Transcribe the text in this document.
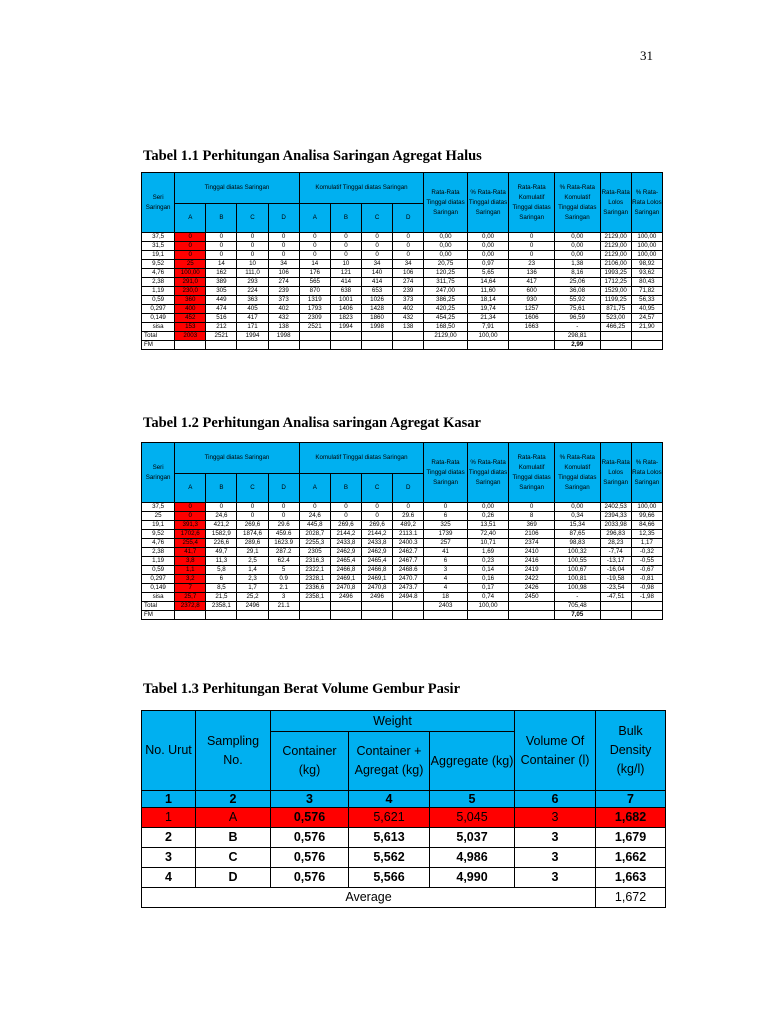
31
Tabel 1.1 Perhitungan Analisa Saringan Agregat Halus
Seri Saringan	Tinggal diatas Saringan				Komulatif Tinggal diatas Saringan				Rata-Rata Tinggal diatas Saringan	% Rata-Rata Tinggal diatas Saringan	Rata-Rata Komulatif Tinggal diatas Saringan	% Rata-Rata Komulatif Tinggal diatas Saringan	Rata-Rata Lolos Saringan	% Rata-Rata Lolos Saringan
	A	B	C	D	A	B	C	D						
37,5	0	0	0	0	0	0	0	0	0,00	0,00	0	0,00	2129,00	100,00
31,5	0	0	0	0	0	0	0	0	0,00	0,00	0	0,00	2129,00	100,00
19,1	0	0	0	0	0	0	0	0	0,00	0,00	0	0,00	2129,00	100,00
9,52	25	14	10	34	14	10	34	34	20,75	0,97	23	1,38	2106,00	98,92
4,76	100,00	162	111,0	106	176	121	140	106	120,25	5,65	136	8,16	1993,25	93,62
2,38	291,0	389	293	274	565	414	414	274	311,75	14,64	417	25,06	1712,25	80,43
1,19	230,0	305	224	239	870	638	653	239	247,00	11,60	600	36,08	1529,00	71,82
0,59	360	449	363	373	1319	1001	1026	373	386,25	18,14	930	55,92	1199,25	56,33
0,297	400	474	405	402	1793	1406	1428	402	420,25	19,74	1257	75,61	871,75	40,95
0,149	452	516	417	432	2309	1823	1860	432	454,25	21,34	1606	96,59	523,00	24,57
sisa	153	212	171	138	2521	1994	1998	138	168,50	7,91	1663	-	466,25	21,90
Total	2003	2521	1994	1998					2129,00	100,00		298,81		
FM												2,99		
Tabel 1.2 Perhitungan Analisa saringan Agregat Kasar
Seri Saringan	Tinggal diatas Saringan				Komulatif Tinggal diatas Saringan				Rata-Rata Tinggal diatas Saringan	% Rata-Rata Tinggal diatas Saringan	Rata-Rata Komulatif Tinggal diatas Saringan	% Rata-Rata Komulatif Tinggal diatas Saringan	Rata-Rata Lolos Saringan	% Rata-Rata Lolos Saringan
	A	B	C	D	A	B	C	D						
37,5	0	0	0	0	0	0	0	0	0	0,00	0	0,00	2402,53	100,00
25	0	24,6	0	0	24,6	0	0	29.6	6	0,26	8	0,34	2394,33	99,66
19,1	391,3	421,2	269,6	29.6	445,8	269,6	269,6	489,2	325	13,51	369	15,34	2033,98	84,66
9,52	1702,6	1582,9	1874,6	459.6	2028,7	2144,2	2144,2	2113.1	1739	72,40	2106	87,65	296,83	12,35
4,76	255,4	226,6	289,6	1623.9	2255,3	2433,8	2433,8	2400.3	257	10,71	2374	98,83	28,23	1,17
2,38	41,7	49,7	29,1	287.2	2305	2462,9	2462,9	2462.7	41	1,69	2410	100,32	-7,74	-0,32
1,19	3,8	11,3	2,5	62.4	2316,3	2465,4	2465,4	2467.7	6	0,23	2416	100,55	-13,17	-0,55
0,59	1,1	5,8	1,4	5	2322,1	2466,8	2466,8	2468.6	3	0,14	2419	100,67	-16,04	-0,67
0,297	3,2	6	2,3	0.9	2328,1	2469,1	2469,1	2470.7	4	0,16	2422	100,81	-19,58	-0,81
0,149	7	8,5	1,7	2.1	2336,6	2470,8	2470,8	2473.7	4	0,17	2426	100,98	-23,54	-0,98
sisa	25,7	21,5	25,2	3	2358,1	2496	2496	2494.8	18	0,74	2450	-	-47,51	-1,98
Total	2372,8	2358,1	2496	21.1					2403	100,00		705,48		
FM												7,05		
Tabel 1.3 Perhitungan Berat Volume Gembur Pasir
No. Urut	Sampling No.	Weight			Volume Of Container (l)	Bulk Density (kg/l)
		Container (kg)	Container + Agregat (kg)	Aggregate (kg)		
1	2	3	4	5	6	7
1	A	0,576	5,621	5,045	3	1,682
2	B	0,576	5,613	5,037	3	1,679
3	C	0,576	5,562	4,986	3	1,662
4	D	0,576	5,566	4,990	3	1,663
Average						1,672
